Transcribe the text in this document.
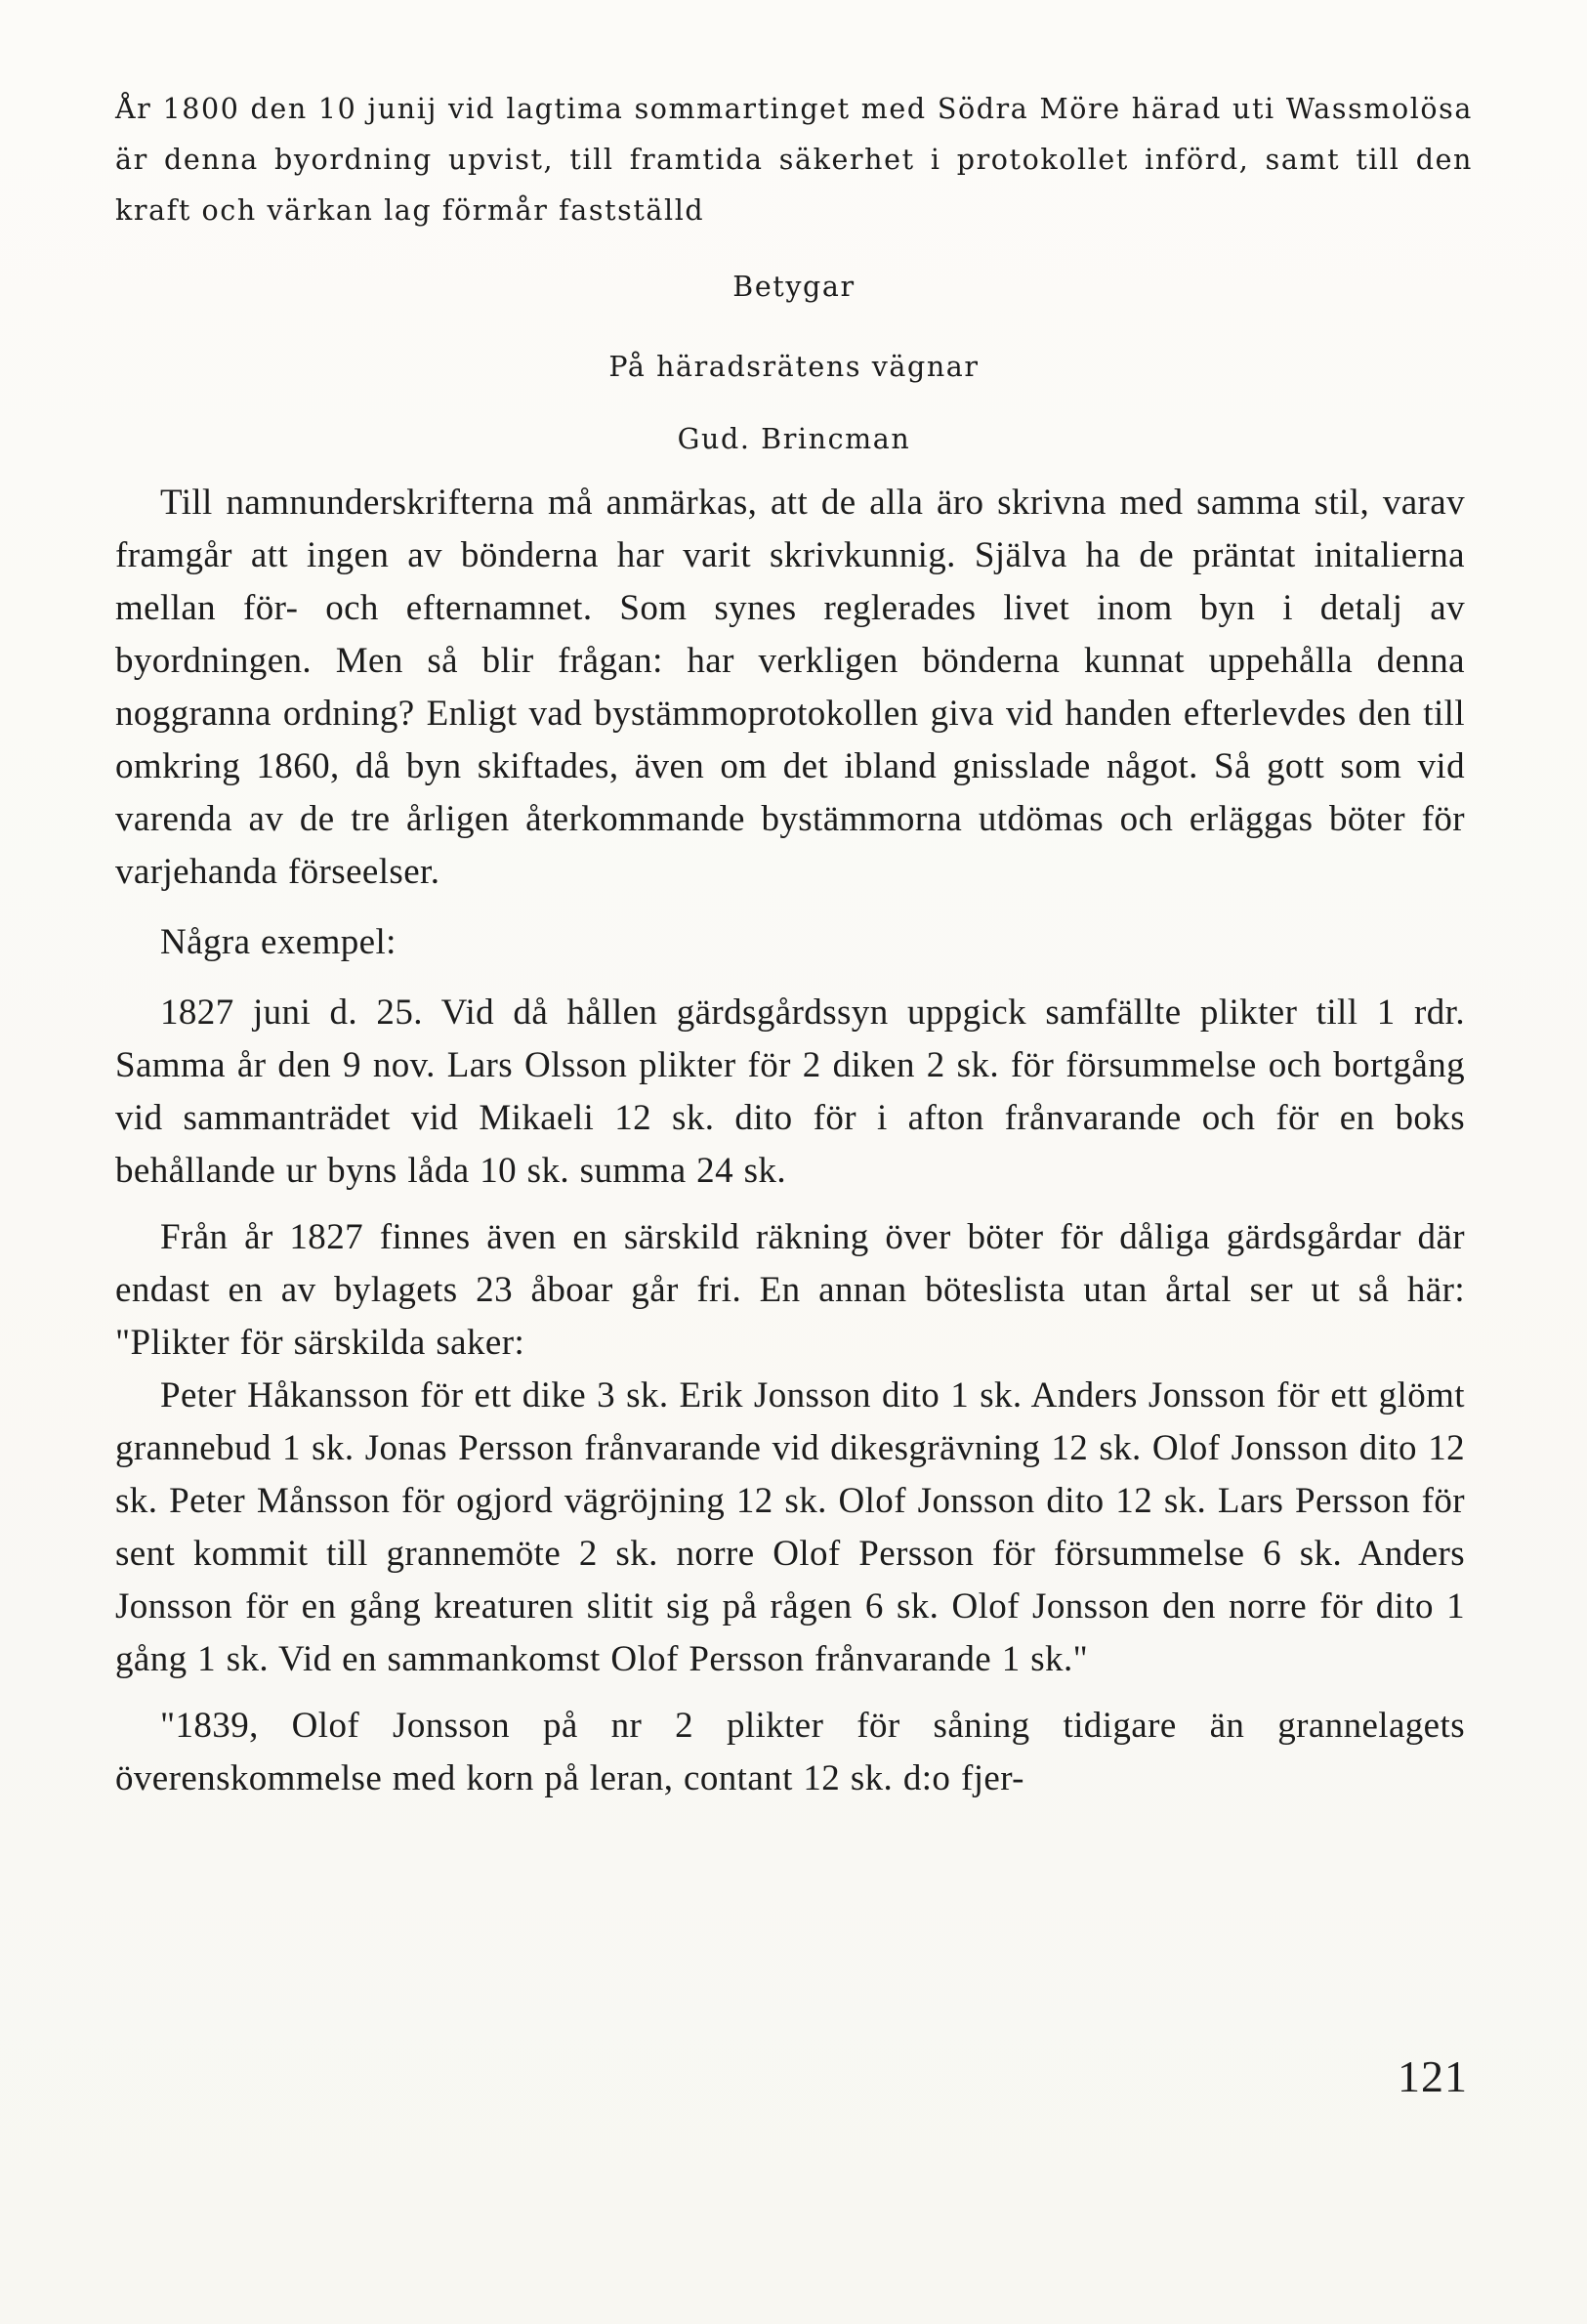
År 1800 den 10 junij vid lagtima sommartinget med Södra Möre härad uti Wassmolösa är denna byordning upvist, till framtida säkerhet i protokollet införd, samt till den kraft och värkan lag förmår fastställd

Betygar

På häradsrätens vägnar

Gud. Brincman

Till namnunderskrifterna må anmärkas, att de alla äro skrivna med samma stil, varav framgår att ingen av bönderna har varit skrivkunnig. Själva ha de präntat initalierna mellan för- och efternamnet. Som synes reglerades livet inom byn i detalj av byordningen. Men så blir frågan: har verkligen bönderna kunnat uppehålla denna noggranna ordning? Enligt vad bystämmoprotokollen giva vid handen efterlevdes den till omkring 1860, då byn skiftades, även om det ibland gnisslade något. Så gott som vid varenda av de tre årligen återkommande bystämmorna utdömas och erläggas böter för varjehanda förseelser.

Några exempel:

1827 juni d. 25. Vid då hållen gärdsgårdssyn uppgick samfällte plikter till 1 rdr. Samma år den 9 nov. Lars Olsson plikter för 2 diken 2 sk. för försummelse och bortgång vid sammanträdet vid Mikaeli 12 sk. dito för i afton frånvarande och för en boks behållande ur byns låda 10 sk. summa 24 sk.

Från år 1827 finnes även en särskild räkning över böter för dåliga gärdsgårdar där endast en av bylagets 23 åboar går fri. En annan böteslista utan årtal ser ut så här: "Plikter för särskilda saker:

Peter Håkansson för ett dike 3 sk. Erik Jonsson dito 1 sk. Anders Jonsson för ett glömt grannebud 1 sk. Jonas Persson frånvarande vid dikesgrävning 12 sk. Olof Jonsson dito 12 sk. Peter Månsson för ogjord vägröjning 12 sk. Olof Jonsson dito 12 sk. Lars Persson för sent kommit till grannemöte 2 sk. norre Olof Persson för försummelse 6 sk. Anders Jonsson för en gång kreaturen slitit sig på rågen 6 sk. Olof Jonsson den norre för dito 1 gång 1 sk. Vid en sammankomst Olof Persson frånvarande 1 sk."

"1839, Olof Jonsson på nr 2 plikter för såning tidigare än grannelagets överenskommelse med korn på leran, contant 12 sk. d:o fjer-

121
